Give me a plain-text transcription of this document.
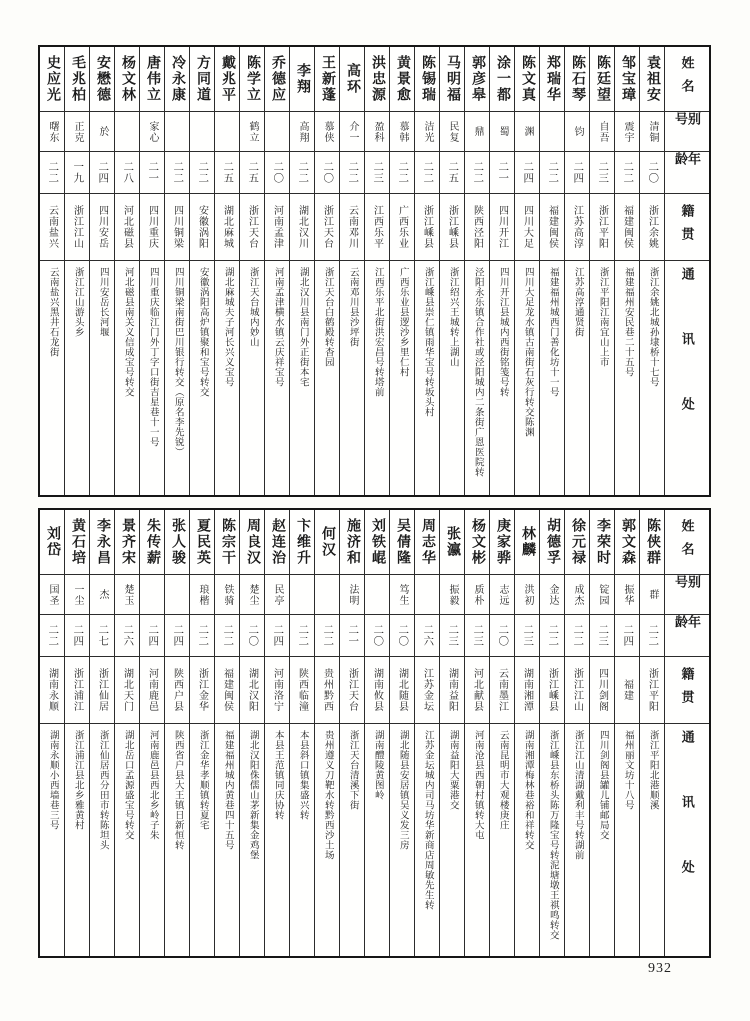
姓名
别号
年龄
籍贯
通讯处
袁祖安
清铜
二〇
浙江余姚
浙江余姚北城孙埭桥十七号
邹宝璋
震宇
二二
福建闽侯
福建福州安民巷二十五号
陈廷望
自吾
二三
浙江平阳
浙江平阳江南宜山上市
陈石琴
钧
二四
江苏高淳
江苏高淳通贤街
郑瑞华
二二
福建闽侯
福建福州城西门善化坊十一号
陈文真
渊
二四
四川大足
四川大足龙水镇古南街石灰行转交陈渊
涂一都
蜀
二一
四川开江
四川开江县城内西街铭笺号转
郭彦皋
鼎
二二
陕西泾阳
泾阳永乐镇合作社或泾阳城内二条街广恩医院转
马明福
民复
二五
浙江嵊县
浙江绍兴王城转上湖山
陈锡瑞
洁光
二二
浙江嵊县
浙江嵊县崇仁镇雨华宝号转坂头村
黄景愈
慕韩
二二
广西乐业
广西乐业县逻沙乡里仁村
洪忠源
盈科
二三
江西乐平
江西乐平北街洪宏昌号转塔前
高环
介一
二二
云南邓川
云南邓川县沙坪街
王新蓬
慕侠
二〇
浙江天台
浙江天台白鹤殿转杳园
李翔
高翔
二二
湖北汉川
湖北汉川县南门外正街本宅
乔德应
二〇
河南孟津
河南孟津横水镇云庆祥宝号
陈学立
鹤立
二五
浙江天台
浙江天台城内妙山
戴兆平
二五
湖北麻城
湖北麻城夫子河长兴义宝号
方同道
二二
安徽涡阳
安徽涡阳高炉镇聚和宝号转交
冷永康
二二
四川铜梁
四川铜梁南街巴川银行转交（原名李先锐）
唐伟立
家心
二一
四川重庆
四川重庆临江门外丁字口街吉星巷十一号
杨文林
二八
河北磁县
河北磁县南关义信成宝号转交
安懋德
於
二四
四川安岳
四川安岳长河堰
毛兆柏
正克
一九
浙江江山
浙江江山游头乡
史应光
曙东
二二
云南盐兴
云南盐兴黑井石龙街
姓名
别号
年龄
籍贯
通讯处
陈侠群
群
二二
浙江平阳
浙江平阳北港顺溪
郭文森
振华
二四
福建
福州丽文坊十八号
李荣时
锭园
二三
四川剑阁
四川剑阁县罐儿铺邮局交
徐元禄
成杰
二二
浙江江山
浙江江山清湖戴利丰号转湖前
胡德孚
金达
二二
浙江嵊县
浙江嵊县东桥头陈万隆宝号转泥塘墩王祺鸣转交
林麟
洪初
二三
湖南湘潭
湖南湘潭梅林巷裕和祥转交
庚家骅
志远
二〇
云南墨江
云南昆明市大观楼庚庄
杨文彬
质朴
二三
河北献县
河南沧县西朝村镇转大屯
张瀛
振毅
二三
湖南益阳
湖南益阳大粟港交
周志华
二六
江苏金坛
江苏金坛城内司马坊华新商店周敏先生转
吴倩隆
笃生
二〇
湖北随县
湖北随县安居镇吴义发三房
刘铁崐
二〇
湖南攸县
湖南醴陵黄图岭
施济和
法明
二一
浙江天台
浙江天台清溪下街
何汉
二二
贵州黔西
贵州遵义刀靶水转黔西沙土场
卞维升
二二
陕西临潼
本县斜口镇集盛兴转
赵连治
民亭
二四
河南洛宁
本县王范镇同庆协转
周良汉
楚尘
二〇
湖北汉阳
湖北汉阳侏儒山茅新集金鸡堡
陈宗干
铁骑
二二
福建闽侯
福建福州城内黄巷四十五号
夏民英
琅楷
二二
浙江金华
浙江金华孝顺镇转夏宅
张人骏
二四
陕西户县
陕西省户县大王镇日新恒转
朱传薪
二四
河南鹿邑
河南鹿邑县西北乡岭子朱
景齐宋
楚玉
二六
湖北天门
湖北岳口孟源盛宝号转交
李永昌
杰
二七
浙江仙居
浙江仙居西分田市转陈坦头
黄石培
一尘
二四
浙江浦江
浙江浦江县北乡雅黄村
刘岱
国圣
二二
湖南永顺
湖南永顺小西墙巷三号
932
